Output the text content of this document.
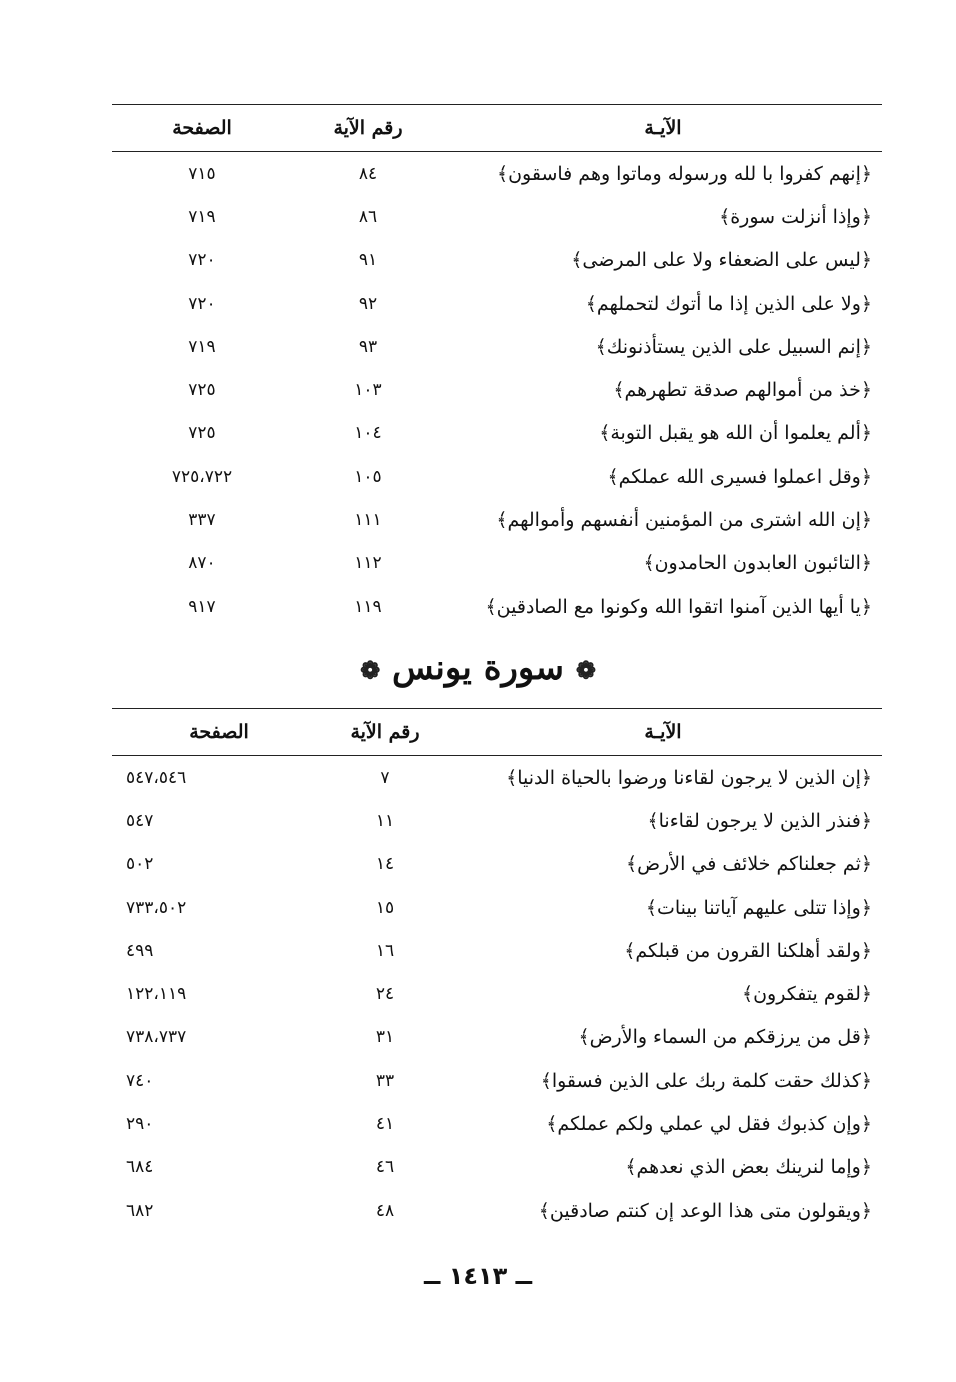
الآيـة
رقم الآية
الصفحة
﴿إنهم كفروا با لله ورسوله وماتوا وهم فاسقون﴾
٨٤
٧١٥
﴿وإذا أنزلت سورة﴾
٨٦
٧١٩
﴿ليس على الضعفاء ولا على المرضى﴾
٩١
٧٢٠
﴿ولا على الذين إذا ما أتوك لتحملهم﴾
٩٢
٧٢٠
﴿إنم السبيل على الذين يستأذنونك﴾
٩٣
٧١٩
﴿خذ من أموالهم صدقة تطهرهم﴾
١٠٣
٧٢٥
﴿ألم يعلموا أن الله هو يقبل التوبة﴾
١٠٤
٧٢٥
﴿وقل اعملوا فسيرى الله عملكم﴾
١٠٥
٧٢٥،٧٢٢
﴿إن الله اشترى من المؤمنين أنفسهم وأموالهم﴾
١١١
٣٣٧
﴿التائبون العابدون الحامدون﴾
١١٢
٨٧٠
﴿يا أيها الذين آمنوا اتقوا الله وكونوا مع الصادقين﴾
١١٩
٩١٧
❁ سورة يونس ❁
الآيـة
رقم الآية
الصفحة
﴿إن الذين لا يرجون لقاءنا ورضوا بالحياة الدنيا﴾
٧
٥٤٧،٥٤٦
﴿فنذر الذين لا يرجون لقاءنا﴾
١١
٥٤٧
﴿ثم جعلناكم خلائف في الأرض﴾
١٤
٥٠٢
﴿وإذا تتلى عليهم آياتنا بينات﴾
١٥
٧٣٣،٥٠٢
﴿ولقد أهلكنا القرون من قبلكم﴾
١٦
٤٩٩
﴿لقوم يتفكرون﴾
٢٤
١٢٢،١١٩
﴿قل من يرزقكم من السماء والأرض﴾
٣١
٧٣٨،٧٣٧
﴿كذلك حقت كلمة ربك على الذين فسقوا﴾
٣٣
٧٤٠
﴿وإن كذبوك فقل لي عملي ولكم عملكم﴾
٤١
٢٩٠
﴿وإما لنرينك بعض الذي نعدهم﴾
٤٦
٦٨٤
﴿ويقولون متى هذا الوعد إن كنتم صادقين﴾
٤٨
٦٨٢
ــ ١٤١٣ ــ
